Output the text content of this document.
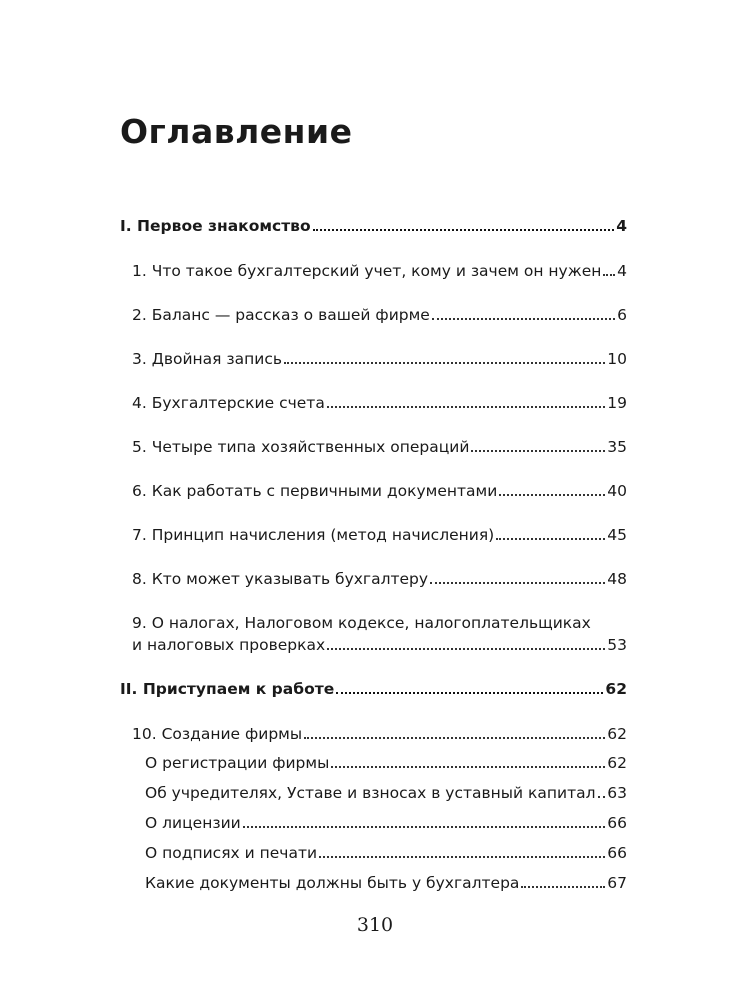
Оглавление
I. Первое знакомство	4
1. Что такое бухгалтерский учет, кому и зачем он нужен 4
2. Баланс — рассказ о вашей фирме	6
3. Двойная запись	10
4. Бухгалтерские счета	19
5. Четыре типа хозяйственных операций	35
6. Как работать с первичными документами	40
7. Принцип начисления (метод начисления)	45
8. Кто может указывать бухгалтеру	48
9. О налогах, Налоговом кодексе, налогоплательщиках
и налоговых проверках	53
II. Приступаем к работе	62
10. Создание фирмы	62
О регистрации фирмы	62
Об учредителях, Уставе и взносах в уставный капитал 63
О лицензии	66
О подписях и печати	66
Какие документы должны быть у бухгалтера	67
310
